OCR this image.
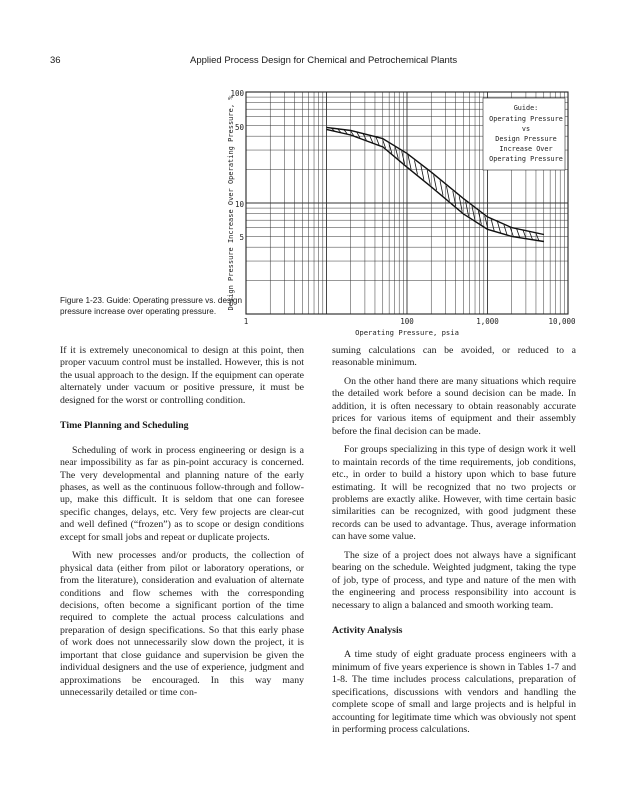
36	Applied Process Design for Chemical and Petrochemical Plants
100
50
10
5
1	100	1,000	10,000
Operating Pressure, psia
Design Pressure Increase Over Operating Pressure, %	Guide:
Operating Pressure
vs
Design Pressure
Increase Over
Operating Pressure
Figure 1-23. Guide: Operating pressure vs. design pressure increase over operating pressure.

If it is extremely uneconomical to design at this point, then proper vacuum control must be installed. However, this is not the usual approach to the design. If the equipment can operate alternately under vacuum or positive pressure, it must be designed for the worst or controlling condition.

Time Planning and Scheduling

Scheduling of work in process engineering or design is a near impossibility as far as pin-point accuracy is concerned. The very developmental and planning nature of the early phases, as well as the continuous follow-through and follow-up, make this difficult. It is seldom that one can foresee specific changes, delays, etc. Very few projects are clear-cut and well defined (“frozen”) as to scope or design conditions except for small jobs and repeat or duplicate projects.

With new processes and/or products, the collection of physical data (either from pilot or laboratory operations, or from the literature), consideration and evaluation of alternate conditions and flow schemes with the corresponding decisions, often become a significant portion of the time required to complete the actual process calculations and preparation of design specifications. So that this early phase of work does not unnecessarily slow down the project, it is important that close guidance and supervision be given the individual designers and the use of experience, judgment and approximations be encouraged. In this way many unnecessarily detailed or time con-

suming calculations can be avoided, or reduced to a reasonable minimum.

On the other hand there are many situations which require the detailed work before a sound decision can be made. In addition, it is often necessary to obtain reasonably accurate prices for various items of equipment and their assembly before the final decision can be made.

For groups specializing in this type of design work it well to maintain records of the time requirements, job conditions, etc., in order to build a history upon which to base future estimating. It will be recognized that no two projects or problems are exactly alike. However, with time certain basic similarities can be recognized, with good judgment these records can be used to advantage. Thus, average information can have some value.

The size of a project does not always have a significant bearing on the schedule. Weighted judgment, taking the type of job, type of process, and type and nature of the men with the engineering and process responsibility into account is necessary to align a balanced and smooth working team.

Activity Analysis

A time study of eight graduate process engineers with a minimum of five years experience is shown in Tables 1-7 and 1-8. The time includes process calculations, preparation of specifications, discussions with vendors and handling the complete scope of small and large projects and is helpful in accounting for legitimate time which was obviously not spent in performing process calculations.
